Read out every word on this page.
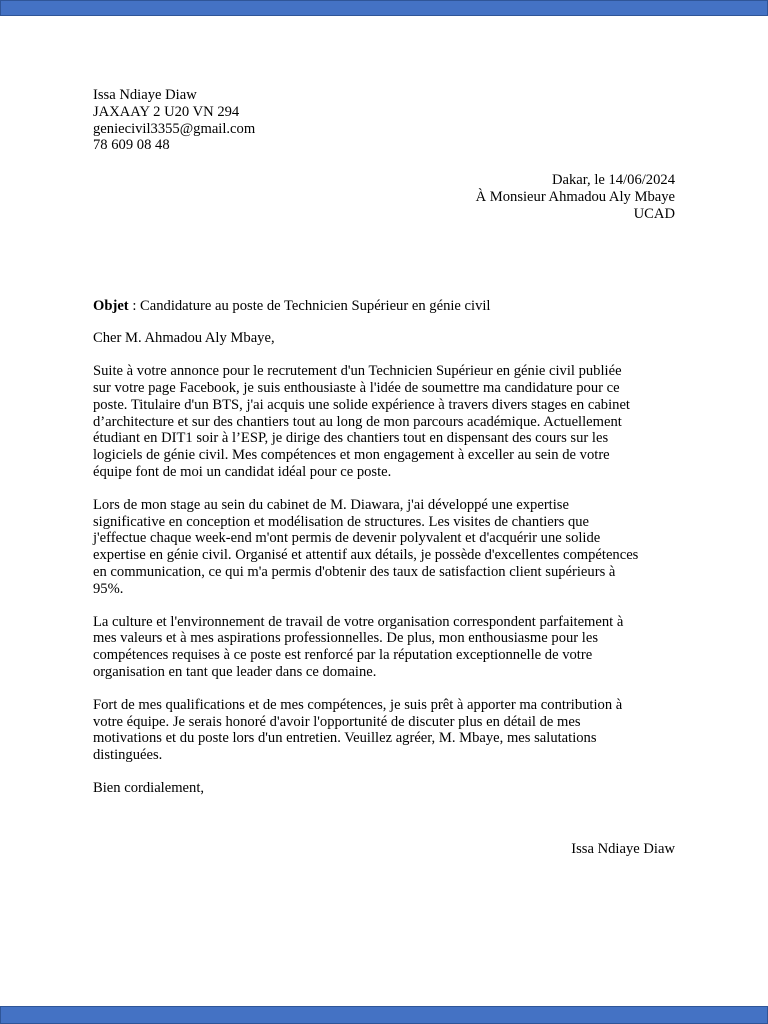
Issa Ndiaye Diaw
JAXAAY 2 U20 VN 294
geniecivil3355@gmail.com
78 609 08 48
Dakar, le 14/06/2024
À Monsieur Ahmadou Aly Mbaye
UCAD
Objet : Candidature au poste de Technicien Supérieur en génie civil
Cher M. Ahmadou Aly Mbaye,
Suite à votre annonce pour le recrutement d'un Technicien Supérieur en génie civil publiée
sur votre page Facebook, je suis enthousiaste à l'idée de soumettre ma candidature pour ce
poste. Titulaire d'un BTS, j'ai acquis une solide expérience à travers divers stages en cabinet
d’architecture et sur des chantiers tout au long de mon parcours académique. Actuellement
étudiant en DIT1 soir à l’ESP, je dirige des chantiers tout en dispensant des cours sur les
logiciels de génie civil. Mes compétences et mon engagement à exceller au sein de votre
équipe font de moi un candidat idéal pour ce poste.
Lors de mon stage au sein du cabinet de M. Diawara, j'ai développé une expertise
significative en conception et modélisation de structures. Les visites de chantiers que
j'effectue chaque week-end m'ont permis de devenir polyvalent et d'acquérir une solide
expertise en génie civil. Organisé et attentif aux détails, je possède d'excellentes compétences
en communication, ce qui m'a permis d'obtenir des taux de satisfaction client supérieurs à
95%.
La culture et l'environnement de travail de votre organisation correspondent parfaitement à
mes valeurs et à mes aspirations professionnelles. De plus, mon enthousiasme pour les
compétences requises à ce poste est renforcé par la réputation exceptionnelle de votre
organisation en tant que leader dans ce domaine.
Fort de mes qualifications et de mes compétences, je suis prêt à apporter ma contribution à
votre équipe. Je serais honoré d'avoir l'opportunité de discuter plus en détail de mes
motivations et du poste lors d'un entretien. Veuillez agréer, M. Mbaye, mes salutations
distinguées.
Bien cordialement,
Issa Ndiaye Diaw
